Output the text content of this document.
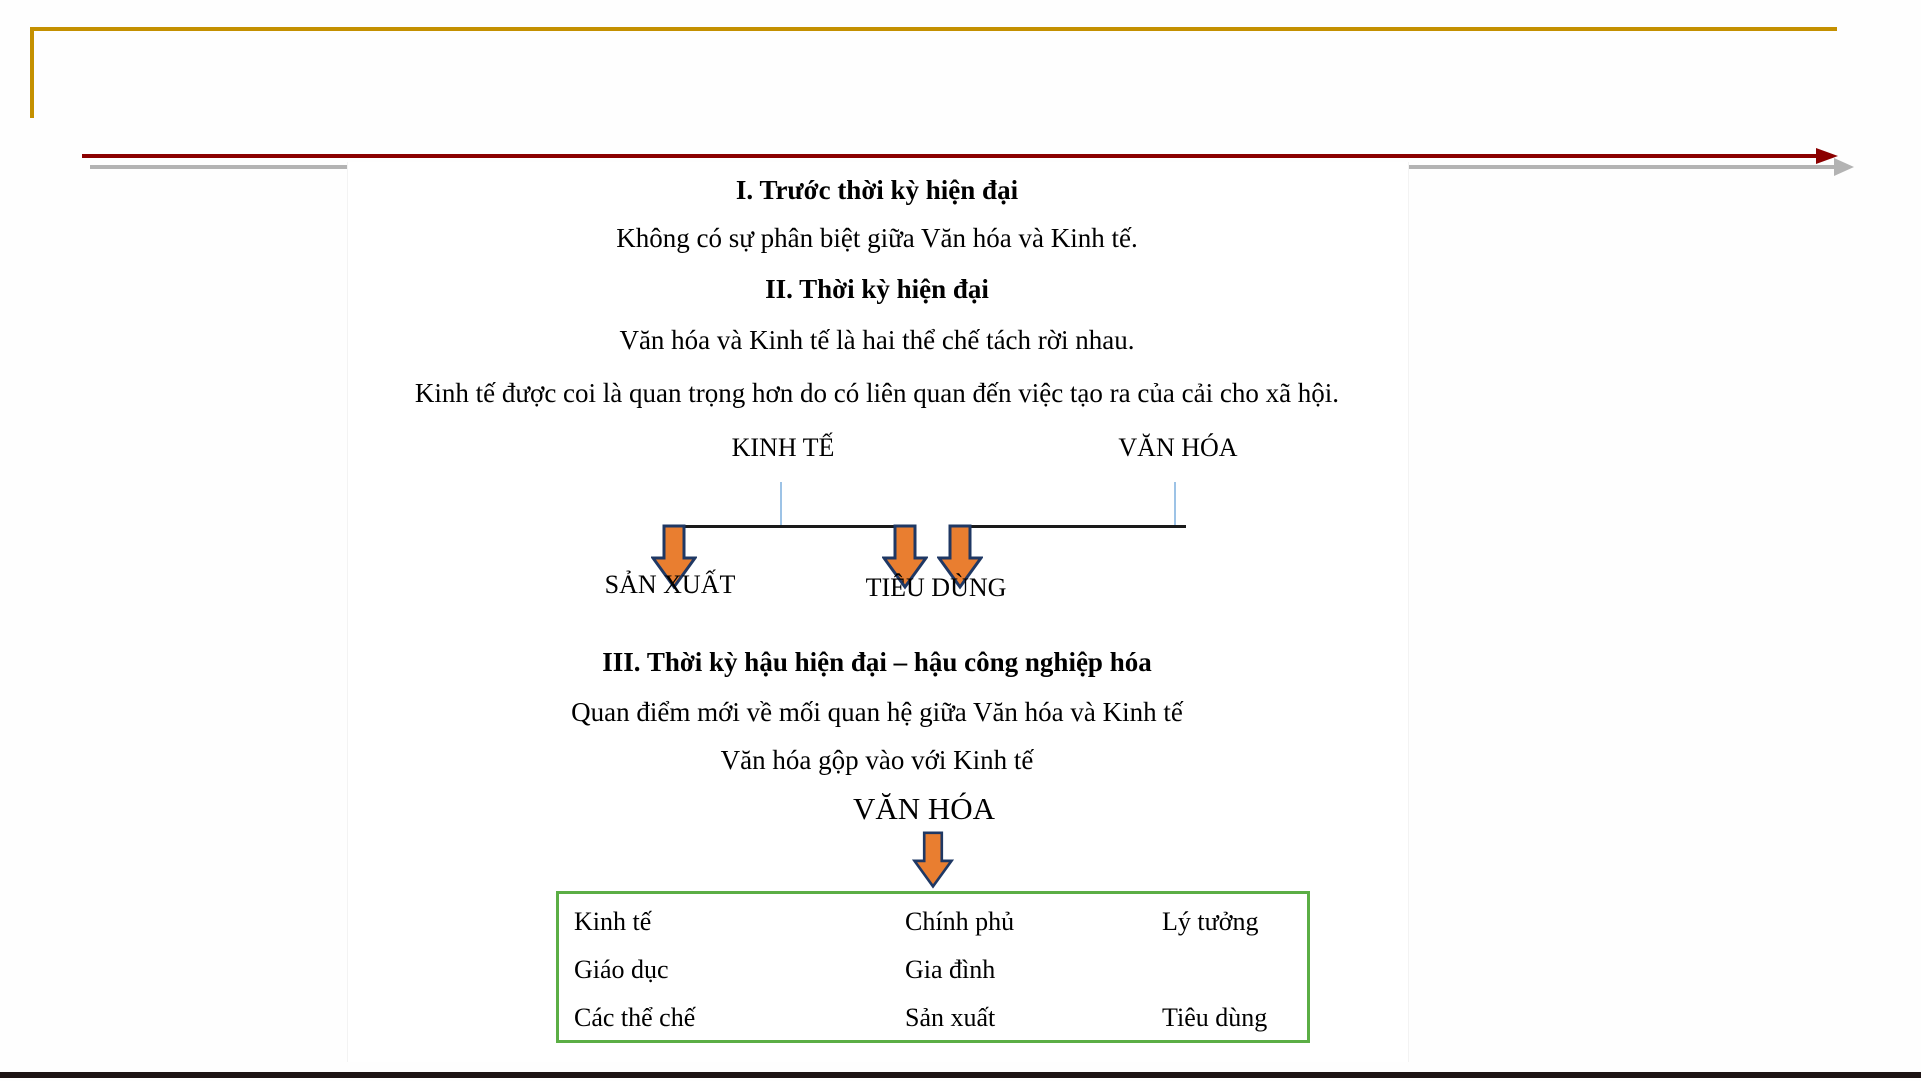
I. Trước thời kỳ hiện đại
Không có sự phân biệt giữa Văn hóa và Kinh tế.
II. Thời kỳ hiện đại
Văn hóa và Kinh tế là hai thể chế tách rời nhau.
Kinh tế được coi là quan trọng hơn do có liên quan đến việc tạo ra của cải cho xã hội.
KINH TẾ	VĂN HÓA
SẢN XUẤT	TIÊU DÙNG
III. Thời kỳ hậu hiện đại – hậu công nghiệp hóa
Quan điểm mới về mối quan hệ giữa Văn hóa và Kinh tế
Văn hóa gộp vào với Kinh tế
VĂN HÓA
Kinh tế	Chính phủ	Lý tưởng
Giáo dục	Gia đình
Các thể chế	Sản xuất	Tiêu dùng
